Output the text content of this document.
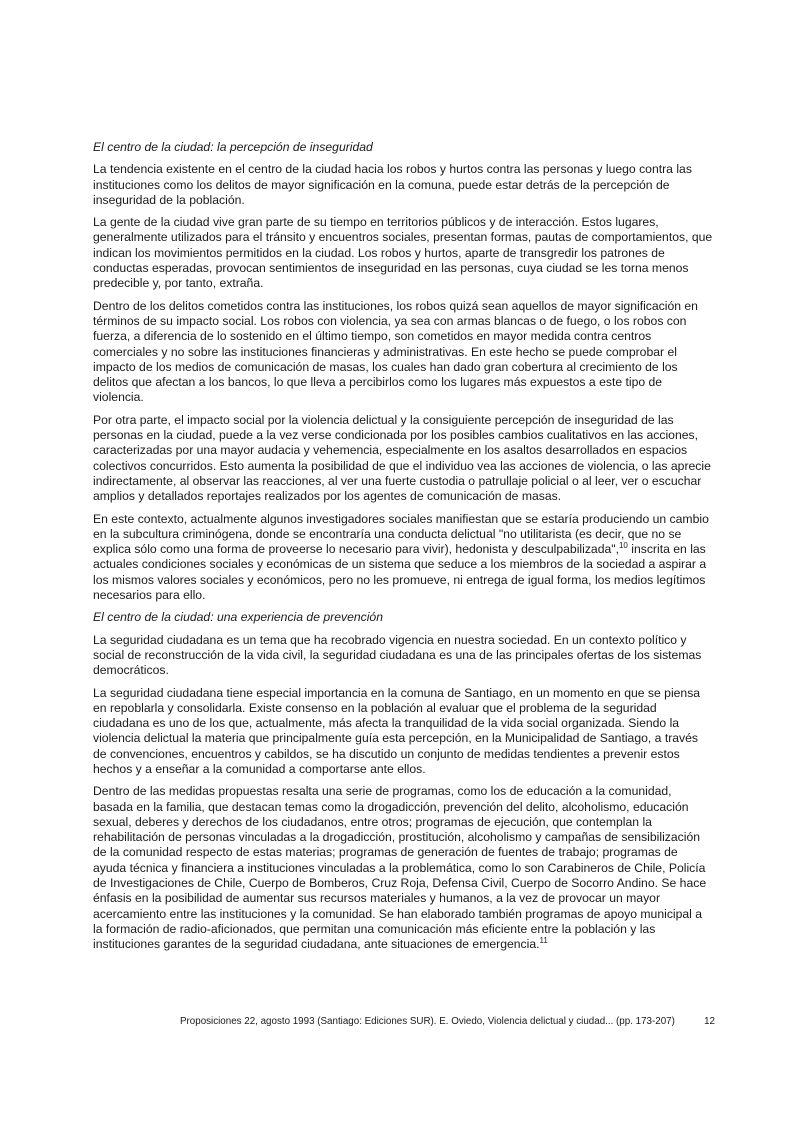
El centro de la ciudad: la percepción de inseguridad

La tendencia existente en el centro de la ciudad hacia los robos y hurtos contra las personas y luego contra las instituciones como los delitos de mayor significación en la comuna, puede estar detrás de la percepción de inseguridad de la población.

La gente de la ciudad vive gran parte de su tiempo en territorios públicos y de interacción. Estos lugares, generalmente utilizados para el tránsito y encuentros sociales, presentan formas, pautas de comportamientos, que indican los movimientos permitidos en la ciudad. Los robos y hurtos, aparte de transgredir los patrones de conductas esperadas, provocan sentimientos de inseguridad en las personas, cuya ciudad se les torna menos predecible y, por tanto, extraña.

Dentro de los delitos cometidos contra las instituciones, los robos quizá sean aquellos de mayor significación en términos de su impacto social. Los robos con violencia, ya sea con armas blancas o de fuego, o los robos con fuerza, a diferencia de lo sostenido en el último tiempo, son cometidos en mayor medida contra centros comerciales y no sobre las instituciones financieras y administrativas. En este hecho se puede comprobar el impacto de los medios de comunicación de masas, los cuales han dado gran cobertura al crecimiento de los delitos que afectan a los bancos, lo que lleva a percibirlos como los lugares más expuestos a este tipo de violencia.

Por otra parte, el impacto social por la violencia delictual y la consiguiente percepción de inseguridad de las personas en la ciudad, puede a la vez verse condicionada por los posibles cambios cualitativos en las acciones, caracterizadas por una mayor audacia y vehemencia, especialmente en los asaltos desarrollados en espacios colectivos concurridos. Esto aumenta la posibilidad de que el individuo vea las acciones de violencia, o las aprecie indirectamente, al observar las reacciones, al ver una fuerte custodia o patrullaje policial o al leer, ver o escuchar amplios y detallados reportajes realizados por los agentes de comunicación de masas.

En este contexto, actualmente algunos investigadores sociales manifiestan que se estaría produciendo un cambio en la subcultura criminógena, donde se encontraría una conducta delictual "no utilitarista (es decir, que no se explica sólo como una forma de proveerse lo necesario para vivir), hedonista y desculpabilizada",$^{10}$ inscrita en las actuales condiciones sociales y económicas de un sistema que seduce a los miembros de la sociedad a aspirar a los mismos valores sociales y económicos, pero no les promueve, ni entrega de igual forma, los medios legítimos necesarios para ello.

El centro de la ciudad: una experiencia de prevención

La seguridad ciudadana es un tema que ha recobrado vigencia en nuestra sociedad. En un contexto político y social de reconstrucción de la vida civil, la seguridad ciudadana es una de las principales ofertas de los sistemas democráticos.

La seguridad ciudadana tiene especial importancia en la comuna de Santiago, en un momento en que se piensa en repoblarla y consolidarla. Existe consenso en la población al evaluar que el problema de la seguridad ciudadana es uno de los que, actualmente, más afecta la tranquilidad de la vida social organizada. Siendo la violencia delictual la materia que principalmente guía esta percepción, en la Municipalidad de Santiago, a través de convenciones, encuentros y cabildos, se ha discutido un conjunto de medidas tendientes a prevenir estos hechos y a enseñar a la comunidad a comportarse ante ellos.

Dentro de las medidas propuestas resalta una serie de programas, como los de educación a la comunidad, basada en la familia, que destacan temas como la drogadicción, prevención del delito, alcoholismo, educación sexual, deberes y derechos de los ciudadanos, entre otros; programas de ejecución, que contemplan la rehabilitación de personas vinculadas a la drogadicción, prostitución, alcoholismo y campañas de sensibilización de la comunidad respecto de estas materias; programas de generación de fuentes de trabajo; programas de ayuda técnica y financiera a instituciones vinculadas a la problemática, como lo son Carabineros de Chile, Policía de Investigaciones de Chile, Cuerpo de Bomberos, Cruz Roja, Defensa Civil, Cuerpo de Socorro Andino. Se hace énfasis en la posibilidad de aumentar sus recursos materiales y humanos, a la vez de provocar un mayor acercamiento entre las instituciones y la comunidad. Se han elaborado también programas de apoyo municipal a la formación de radio-aficionados, que permitan una comunicación más eficiente entre la población y las instituciones garantes de la seguridad ciudadana, ante situaciones de emergencia.$^{11}$

Proposiciones 22, agosto 1993 (Santiago: Ediciones SUR). E. Oviedo, Violencia delictual y ciudad... (pp. 173-207)	12
